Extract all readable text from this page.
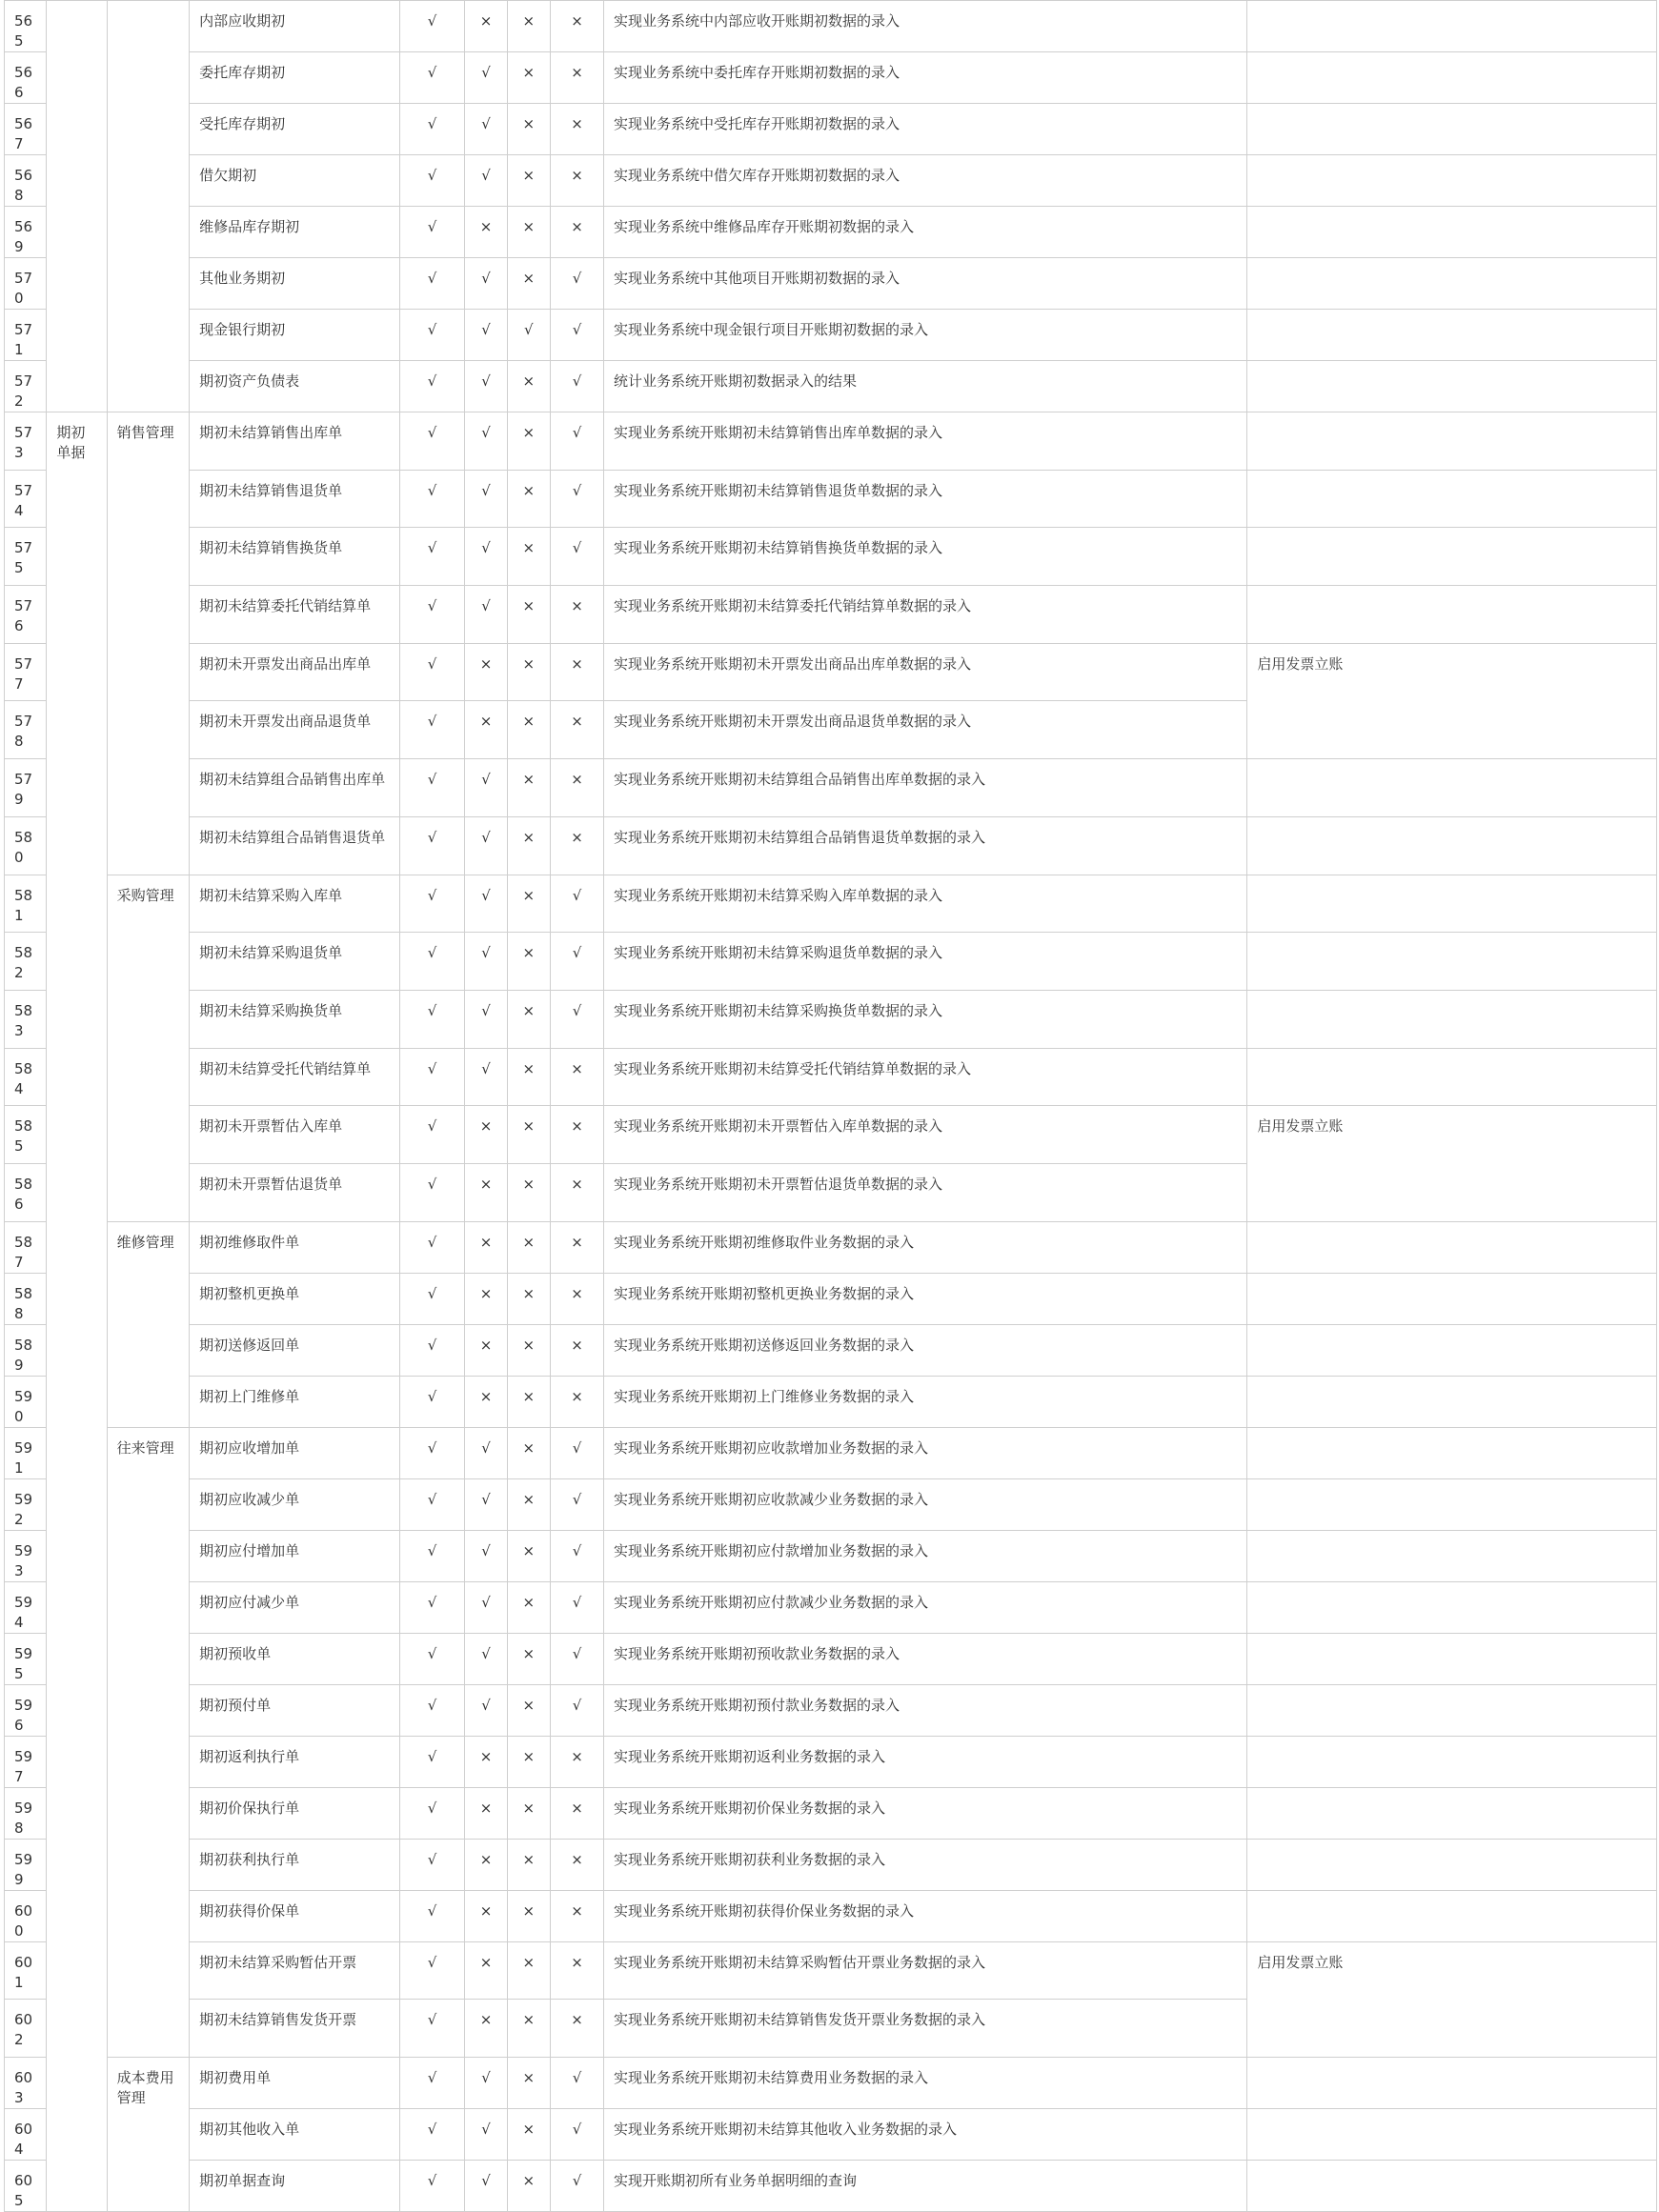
565			内部应收期初	√	×	×	×	实现业务系统中内部应收开账期初数据的录入	
566			委托库存期初	√	√	×	×	实现业务系统中委托库存开账期初数据的录入	
567			受托库存期初	√	√	×	×	实现业务系统中受托库存开账期初数据的录入	
568			借欠期初	√	√	×	×	实现业务系统中借欠库存开账期初数据的录入	
569			维修品库存期初	√	×	×	×	实现业务系统中维修品库存开账期初数据的录入	
570			其他业务期初	√	√	×	√	实现业务系统中其他项目开账期初数据的录入	
571			现金银行期初	√	√	√	√	实现业务系统中现金银行项目开账期初数据的录入	
572			期初资产负债表	√	√	×	√	统计业务系统开账期初数据录入的结果	
573	期初单据	销售管理	期初未结算销售出库单	√	√	×	√	实现业务系统开账期初未结算销售出库单数据的录入	
574			期初未结算销售退货单	√	√	×	√	实现业务系统开账期初未结算销售退货单数据的录入	
575			期初未结算销售换货单	√	√	×	√	实现业务系统开账期初未结算销售换货单数据的录入	
576			期初未结算委托代销结算单	√	√	×	×	实现业务系统开账期初未结算委托代销结算单数据的录入	
577			期初未开票发出商品出库单	√	×	×	×	实现业务系统开账期初未开票发出商品出库单数据的录入	启用发票立账
578			期初未开票发出商品退货单	√	×	×	×	实现业务系统开账期初未开票发出商品退货单数据的录入	
579			期初未结算组合品销售出库单	√	√	×	×	实现业务系统开账期初未结算组合品销售出库单数据的录入	
580			期初未结算组合品销售退货单	√	√	×	×	实现业务系统开账期初未结算组合品销售退货单数据的录入	
581		采购管理	期初未结算采购入库单	√	√	×	√	实现业务系统开账期初未结算采购入库单数据的录入	
582			期初未结算采购退货单	√	√	×	√	实现业务系统开账期初未结算采购退货单数据的录入	
583			期初未结算采购换货单	√	√	×	√	实现业务系统开账期初未结算采购换货单数据的录入	
584			期初未结算受托代销结算单	√	√	×	×	实现业务系统开账期初未结算受托代销结算单数据的录入	
585			期初未开票暂估入库单	√	×	×	×	实现业务系统开账期初未开票暂估入库单数据的录入	启用发票立账
586			期初未开票暂估退货单	√	×	×	×	实现业务系统开账期初未开票暂估退货单数据的录入	
587		维修管理	期初维修取件单	√	×	×	×	实现业务系统开账期初维修取件业务数据的录入	
588			期初整机更换单	√	×	×	×	实现业务系统开账期初整机更换业务数据的录入	
589			期初送修返回单	√	×	×	×	实现业务系统开账期初送修返回业务数据的录入	
590			期初上门维修单	√	×	×	×	实现业务系统开账期初上门维修业务数据的录入	
591		往来管理	期初应收增加单	√	√	×	√	实现业务系统开账期初应收款增加业务数据的录入	
592			期初应收减少单	√	√	×	√	实现业务系统开账期初应收款减少业务数据的录入	
593			期初应付增加单	√	√	×	√	实现业务系统开账期初应付款增加业务数据的录入	
594			期初应付减少单	√	√	×	√	实现业务系统开账期初应付款减少业务数据的录入	
595			期初预收单	√	√	×	√	实现业务系统开账期初预收款业务数据的录入	
596			期初预付单	√	√	×	√	实现业务系统开账期初预付款业务数据的录入	
597			期初返利执行单	√	×	×	×	实现业务系统开账期初返利业务数据的录入	
598			期初价保执行单	√	×	×	×	实现业务系统开账期初价保业务数据的录入	
599			期初获利执行单	√	×	×	×	实现业务系统开账期初获利业务数据的录入	
600			期初获得价保单	√	×	×	×	实现业务系统开账期初获得价保业务数据的录入	
601			期初未结算采购暂估开票	√	×	×	×	实现业务系统开账期初未结算采购暂估开票业务数据的录入	启用发票立账
602			期初未结算销售发货开票	√	×	×	×	实现业务系统开账期初未结算销售发货开票业务数据的录入	
603		成本费用管理	期初费用单	√	√	×	√	实现业务系统开账期初未结算费用业务数据的录入	
604			期初其他收入单	√	√	×	√	实现业务系统开账期初未结算其他收入业务数据的录入	
605			期初单据查询	√	√	×	√	实现开账期初所有业务单据明细的查询	
